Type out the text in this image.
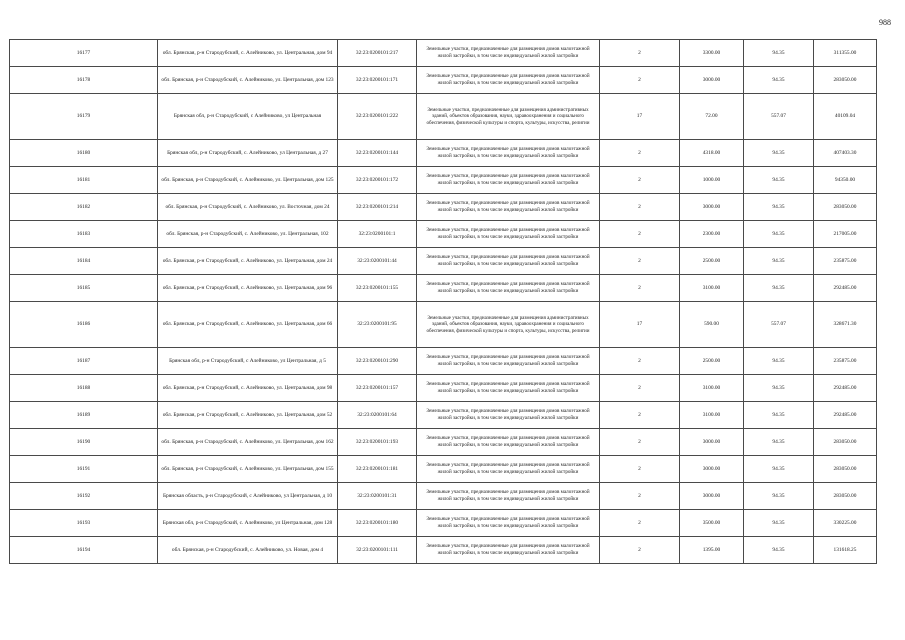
988
16177	обл. Брянская, р-н Стародубский, с. Алейниково, ул. Центральная, дом 94	32:23:0200101:217	Земельные участки, предназначенные для размещения домов малоэтажной жилой застройки, в том числе индивидуальной жилой застройки	2	3300.00	94.35	311355.00
16178	обл. Брянская, р-н Стародубский, с. Алейниково, ул. Центральная, дом 123	32:23:0200101:171	Земельные участки, предназначенные для размещения домов малоэтажной жилой застройки, в том числе индивидуальной жилой застройки	2	3000.00	94.35	283050.00
16179	Брянская обл, р-н Стародубский, с Алейниково, ул Центральная	32:23:0200101:222	Земельные участки, предназначенные для размещения административных зданий, объектов образования, науки, здравоохранения и социального обеспечения, физической культуры и спорта, культуры, искусства, религии	17	72.00	557.07	40109.04
16180	Брянская обл, р-н Стародубский, с. Алейниково, ул Центральная, д 27	32:23:0200101:144	Земельные участки, предназначенные для размещения домов малоэтажной жилой застройки, в том числе индивидуальной жилой застройки	2	4318.00	94.35	407403.30
16181	обл. Брянская, р-н Стародубский, с. Алейниково, ул. Центральная, дом 125	32:23:0200101:172	Земельные участки, предназначенные для размещения домов малоэтажной жилой застройки, в том числе индивидуальной жилой застройки	2	1000.00	94.35	94350.00
16182	обл. Брянская, р-н Стародубский, с. Алейниково, ул. Восточная, дом 24	32:23:0200101:214	Земельные участки, предназначенные для размещения домов малоэтажной жилой застройки, в том числе индивидуальной жилой застройки	2	3000.00	94.35	283050.00
16183	обл. Брянская, р-н Стародубский, с. Алейниково, ул. Центральная, 102	32:23:0200101:1	Земельные участки, предназначенные для размещения домов малоэтажной жилой застройки, в том числе индивидуальной жилой застройки	2	2300.00	94.35	217005.00
16184	обл. Брянская, р-н Стародубский, с. Алейниково, ул. Центральная, дом 24	32:23:0200101:44	Земельные участки, предназначенные для размещения домов малоэтажной жилой застройки, в том числе индивидуальной жилой застройки	2	2500.00	94.35	235875.00
16185	обл. Брянская, р-н Стародубский, с. Алейниково, ул. Центральная, дом 96	32:23:0200101:155	Земельные участки, предназначенные для размещения домов малоэтажной жилой застройки, в том числе индивидуальной жилой застройки	2	3100.00	94.35	292485.00
16186	обл. Брянская, р-н Стародубский, с. Алейниково, ул. Центральная, дом 66	32:23:0200101:95	Земельные участки, предназначенные для размещения административных зданий, объектов образования, науки, здравоохранения и социального обеспечения, физической культуры и спорта, культуры, искусства, религии	17	590.00	557.07	328671.30
16187	Брянская обл, р-н Стародубский, с Алейниково, ул Центральная, д 5	32:23:0200101:290	Земельные участки, предназначенные для размещения домов малоэтажной жилой застройки, в том числе индивидуальной жилой застройки	2	2500.00	94.35	235875.00
16188	обл. Брянская, р-н Стародубский, с. Алейниково, ул. Центральная, дом 98	32:23:0200101:157	Земельные участки, предназначенные для размещения домов малоэтажной жилой застройки, в том числе индивидуальной жилой застройки	2	3100.00	94.35	292485.00
16189	обл. Брянская, р-н Стародубский, с. Алейниково, ул. Центральная, дом 52	32:23:0200101:64	Земельные участки, предназначенные для размещения домов малоэтажной жилой застройки, в том числе индивидуальной жилой застройки	2	3100.00	94.35	292485.00
16190	обл. Брянская, р-н Стародубский, с. Алейниково, ул. Центральная, дом 162	32:23:0200101:193	Земельные участки, предназначенные для размещения домов малоэтажной жилой застройки, в том числе индивидуальной жилой застройки	2	3000.00	94.35	283050.00
16191	обл. Брянская, р-н Стародубский, с. Алейниково, ул. Центральная, дом 155	32:23:0200101:181	Земельные участки, предназначенные для размещения домов малоэтажной жилой застройки, в том числе индивидуальной жилой застройки	2	3000.00	94.35	283050.00
16192	Брянская область, р-н Стародубский, с Алейниково, ул Центральная, д 10	32:23:0200101:31	Земельные участки, предназначенные для размещения домов малоэтажной жилой застройки, в том числе индивидуальной жилой застройки	2	3000.00	94.35	283050.00
16193	Брянская обл, р-н Стародубский, с. Алейниково, ул Центральная, дом 128	32:23:0200101:180	Земельные участки, предназначенные для размещения домов малоэтажной жилой застройки, в том числе индивидуальной жилой застройки	2	3500.00	94.35	330225.00
16194	обл. Брянская, р-н Стародубский, с. Алейниково, ул. Новая, дом 4	32:23:0200101:111	Земельные участки, предназначенные для размещения домов малоэтажной жилой застройки, в том числе индивидуальной жилой застройки	2	1395.00	94.35	131618.25
